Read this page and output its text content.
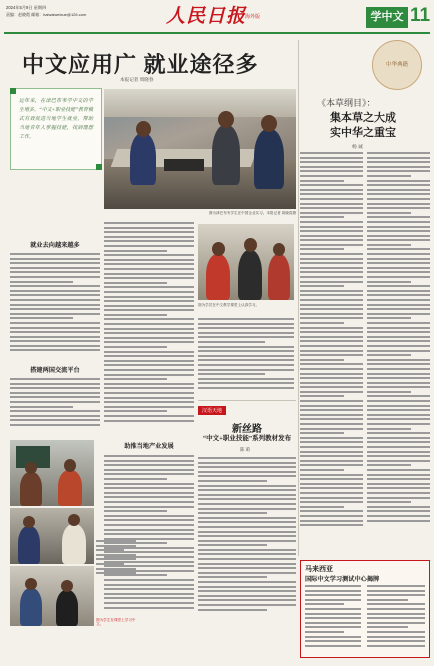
2024年5月9日 星期四
责编：赵晓霞 邮箱：haiwaiweixue@126.com	人民日报
海外版	学中文 11
中文应用广 就业途径多
本报记者 周晓春
近年来，在津巴布韦学中文的学生增多。“中文+职业技能”教育模式有效促进当地学生就业，帮助当地青年人掌握技能，找到理想工作。
图为津巴布韦学生在中国企业实习。本报记者 周晓春摄
中华典籍
《本草纲目》：
集本草之大成
实中华之重宝
杨 诚
就业去向越来越多
搭建两国交流平台
图为学生在课堂上学习中文。
图为学员在中文教学课堂上认真学习。
助推当地产业发展
汉语天地
新丝路
“中文+职业技能”系列教材发布
陈 萌
马来西亚
国际中文学习测试中心揭牌
